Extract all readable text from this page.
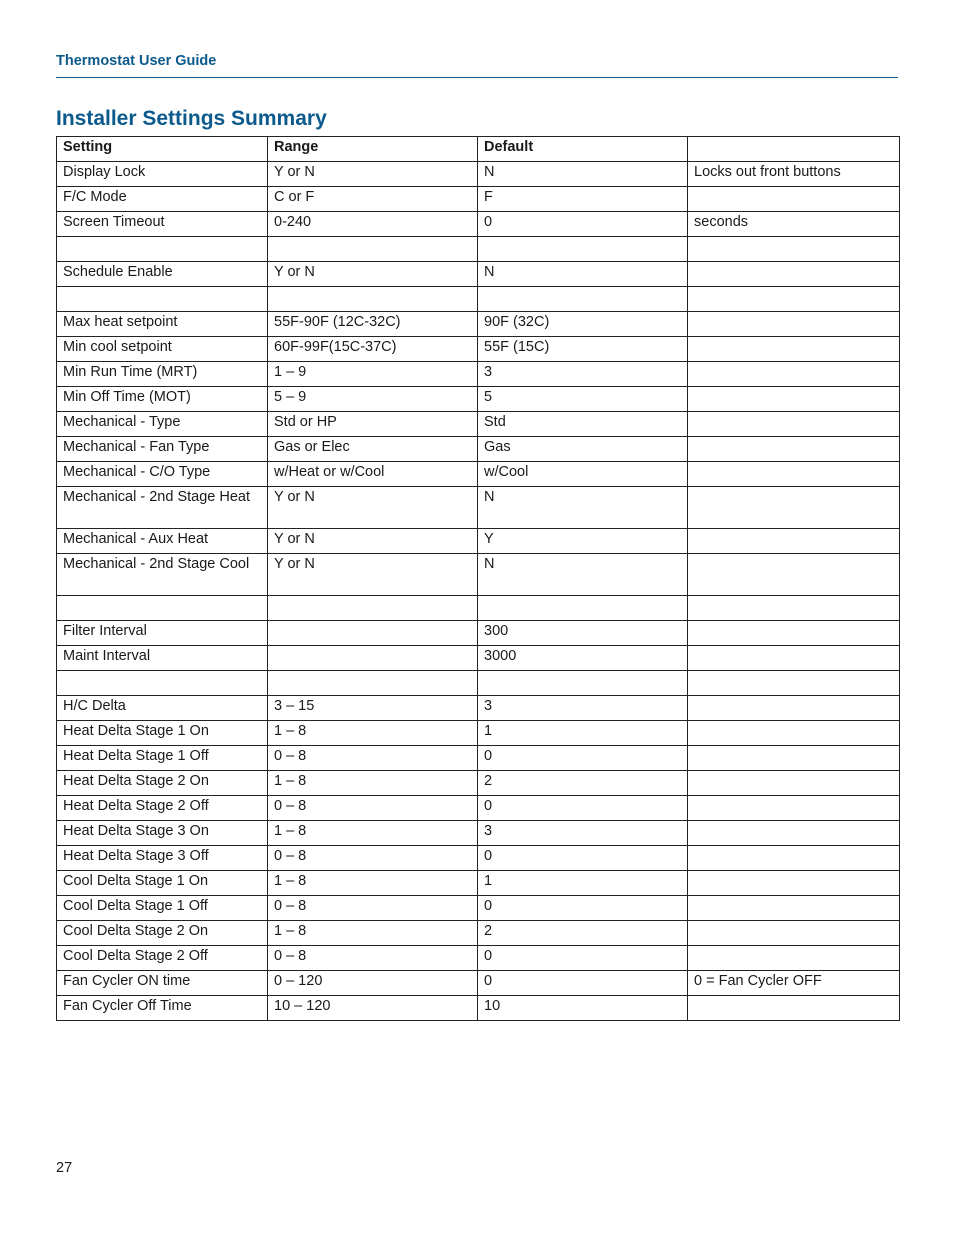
Thermostat User Guide
Installer Settings Summary
Setting	Range	Default	
Display Lock	Y or N	N	Locks out front buttons
F/C Mode	C or F	F	
Screen Timeout	0-240	0	seconds

Schedule Enable	Y or N	N	

Max heat setpoint	55F-90F (12C-32C)	90F (32C)	
Min cool setpoint	60F-99F(15C-37C)	55F (15C)	
Min Run Time (MRT)	1 – 9	3	
Min Off Time (MOT)	5 – 9	5	
Mechanical - Type	Std or HP	Std	
Mechanical - Fan Type	Gas or Elec	Gas	
Mechanical - C/O Type	w/Heat or w/Cool	w/Cool	
Mechanical - 2nd Stage Heat	Y or N	N	
Mechanical - Aux Heat	Y or N	Y	
Mechanical - 2nd Stage Cool	Y or N	N	

Filter Interval		300	
Maint Interval		3000	

H/C Delta	3 – 15	3	
Heat Delta Stage 1 On	1 – 8	1	
Heat Delta Stage 1 Off	0 – 8	0	
Heat Delta Stage 2 On	1 – 8	2	
Heat Delta Stage 2 Off	0 – 8	0	
Heat Delta Stage 3 On	1 – 8	3	
Heat Delta Stage 3 Off	0 – 8	0	
Cool Delta Stage 1 On	1 – 8	1	
Cool Delta Stage 1 Off	0 – 8	0	
Cool Delta Stage 2 On	1 – 8	2	
Cool Delta Stage 2 Off	0 – 8	0	
Fan Cycler ON time	0 – 120	0	0 = Fan Cycler OFF
Fan Cycler Off Time	10 – 120	10	
27
